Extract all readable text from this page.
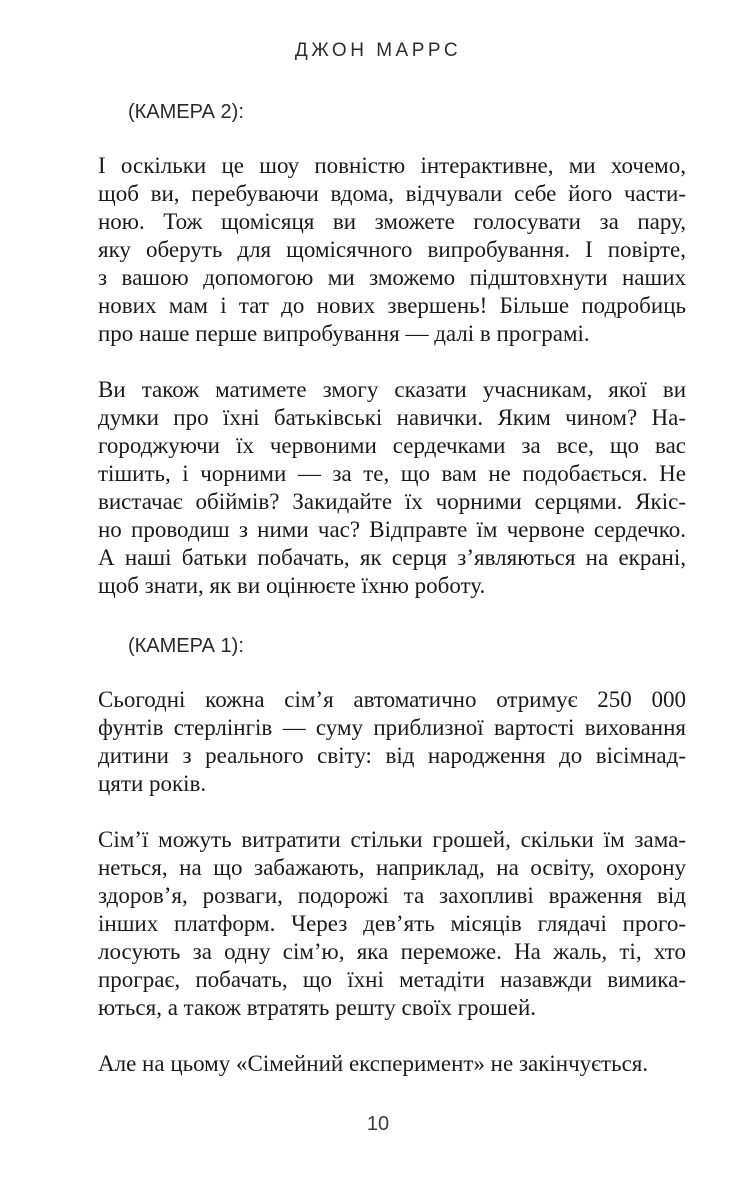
ДЖОН МАРРС
(КАМЕРА 2):
І оскільки це шоу повністю інтерактивне, ми хочемо,
щоб ви, перебуваючи вдома, відчували себе його части-
ною. Тож щомісяця ви зможете голосувати за пару,
яку оберуть для щомісячного випробування. І повірте,
з вашою допомогою ми зможемо підштовхнути наших
нових мам і тат до нових звершень! Більше подробиць
про наше перше випробування — далі в програмі.
Ви також матимете змогу сказати учасникам, якої ви
думки про їхні батьківські навички. Яким чином? На-
городжуючи їх червоними сердечками за все, що вас
тішить, і чорними — за те, що вам не подобається. Не
вистачає обіймів? Закидайте їх чорними серцями. Якіс-
но проводиш з ними час? Відправте їм червоне сердечко.
А наші батьки побачать, як серця з’являються на екрані,
щоб знати, як ви оцінюєте їхню роботу.
(КАМЕРА 1):
Сьогодні кожна сім’я автоматично отримує 250 000
фунтів стерлінгів — суму приблизної вартості виховання
дитини з реального світу: від народження до вісімнад-
цяти років.
Сім’ї можуть витратити стільки грошей, скільки їм зама-
неться, на що забажають, наприклад, на освіту, охорону
здоров’я, розваги, подорожі та захопливі враження від
інших платформ. Через дев’ять місяців глядачі прого-
лосують за одну сім’ю, яка переможе. На жаль, ті, хто
програє, побачать, що їхні метадіти назавжди вимика-
ються, а також втратять решту своїх грошей.
Але на цьому «Сімейний експеримент» не закінчується.
10
